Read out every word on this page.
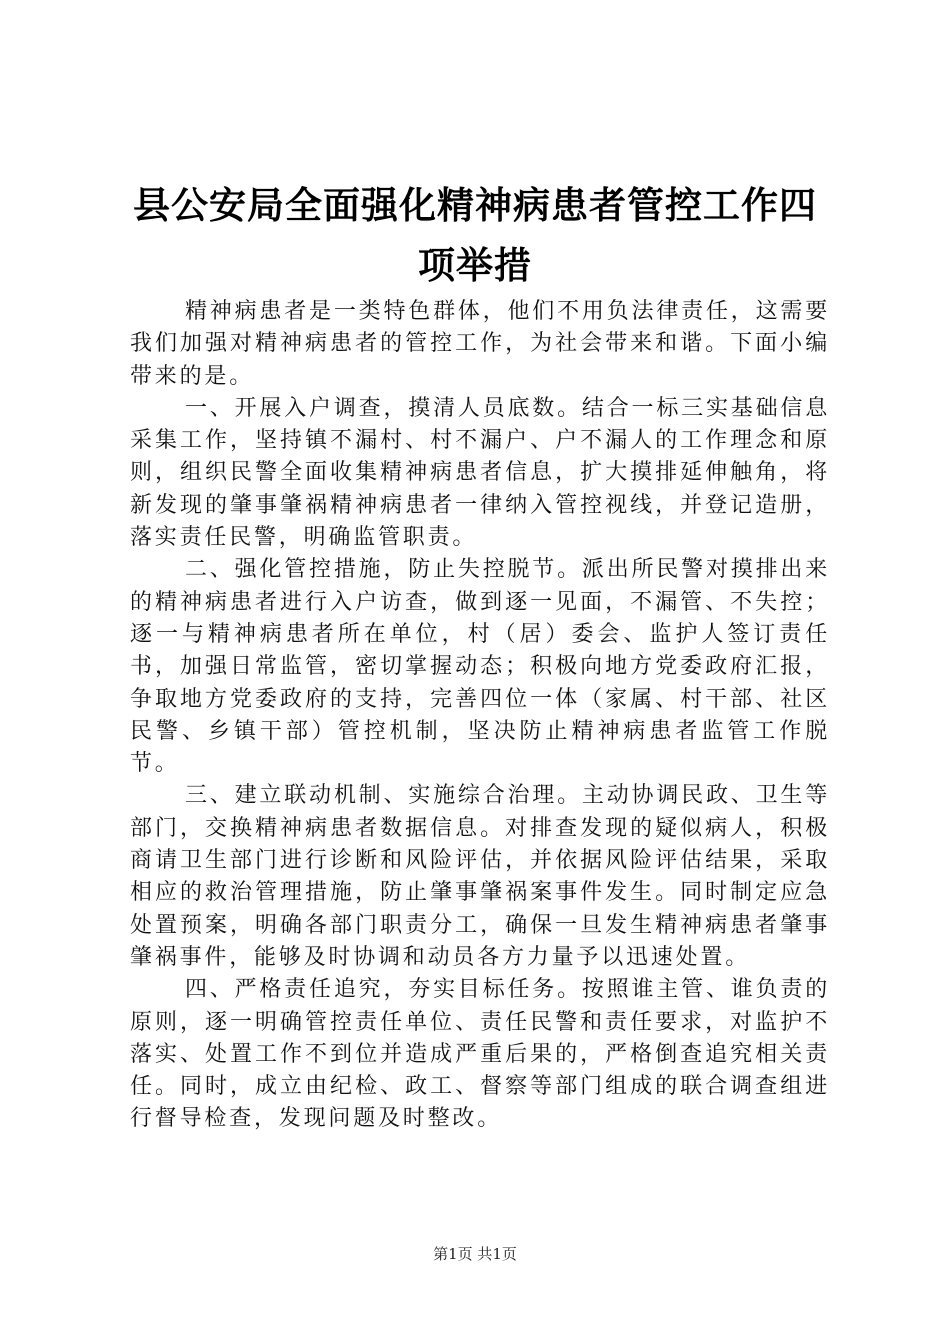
县公安局全面强化精神病患者管控工作四项举措

精神病患者是一类特色群体，他们不用负法律责任，这需要我们加强对精神病患者的管控工作，为社会带来和谐。下面小编带来的是。

一、开展入户调查，摸清人员底数。结合一标三实基础信息采集工作，坚持镇不漏村、村不漏户、户不漏人的工作理念和原则，组织民警全面收集精神病患者信息，扩大摸排延伸触角，将新发现的肇事肇祸精神病患者一律纳入管控视线，并登记造册，落实责任民警，明确监管职责。

二、强化管控措施，防止失控脱节。派出所民警对摸排出来的精神病患者进行入户访查，做到逐一见面，不漏管、不失控；逐一与精神病患者所在单位，村（居）委会、监护人签订责任书，加强日常监管，密切掌握动态；积极向地方党委政府汇报，争取地方党委政府的支持，完善四位一体（家属、村干部、社区民警、乡镇干部）管控机制，坚决防止精神病患者监管工作脱节。

三、建立联动机制、实施综合治理。主动协调民政、卫生等部门，交换精神病患者数据信息。对排查发现的疑似病人，积极商请卫生部门进行诊断和风险评估，并依据风险评估结果，采取相应的救治管理措施，防止肇事肇祸案事件发生。同时制定应急处置预案，明确各部门职责分工，确保一旦发生精神病患者肇事肇祸事件，能够及时协调和动员各方力量予以迅速处置。

四、严格责任追究，夯实目标任务。按照谁主管、谁负责的原则，逐一明确管控责任单位、责任民警和责任要求，对监护不落实、处置工作不到位并造成严重后果的，严格倒查追究相关责任。同时，成立由纪检、政工、督察等部门组成的联合调查组进行督导检查，发现问题及时整改。

第1页 共1页
